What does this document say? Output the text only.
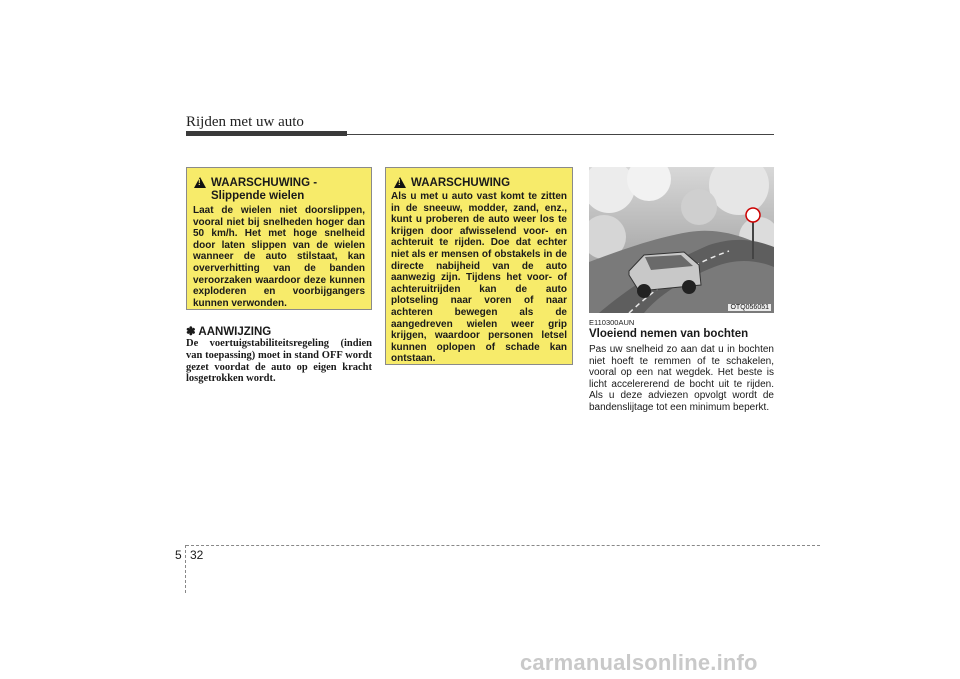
Rijden met uw auto
!
WAARSCHUWING -
Slippende wielen
Laat de wielen niet doorslippen, vooral niet bij snelheden hoger dan 50 km/h. Het met hoge snelheid door laten slippen van de wielen wanneer de auto stilstaat, kan oververhitting van de banden veroorzaken waardoor deze kunnen exploderen en voorbijgangers kunnen verwonden.
✽ AANWIJZING
De voertuigstabiliteitsregeling (indien van toepassing) moet in stand OFF wordt gezet voordat de auto op eigen kracht losgetrokken wordt.
!
WAARSCHUWING
Als u met u auto vast komt te zitten in de sneeuw, modder, zand, enz., kunt u proberen de auto weer los te krijgen door afwisselend voor- en achteruit te rijden. Doe dat echter niet als er mensen of obstakels in de directe nabijheid van de auto aanwezig zijn. Tijdens het voor- of achteruitrijden kan de auto plotseling naar voren of naar achteren bewegen als de aangedreven wielen weer grip krijgen, waardoor personen letsel kunnen oplopen of schade kan ontstaan.
OTQ056051
E110300AUN
Vloeiend nemen van bochten
Pas uw snelheid zo aan dat u in bochten niet hoeft te remmen of te schakelen, vooral op een nat wegdek. Het beste is licht accelererend de bocht uit te rijden. Als u deze adviezen opvolgt wordt de bandenslijtage tot een minimum beperkt.
5 32
carmanualsonline.info
